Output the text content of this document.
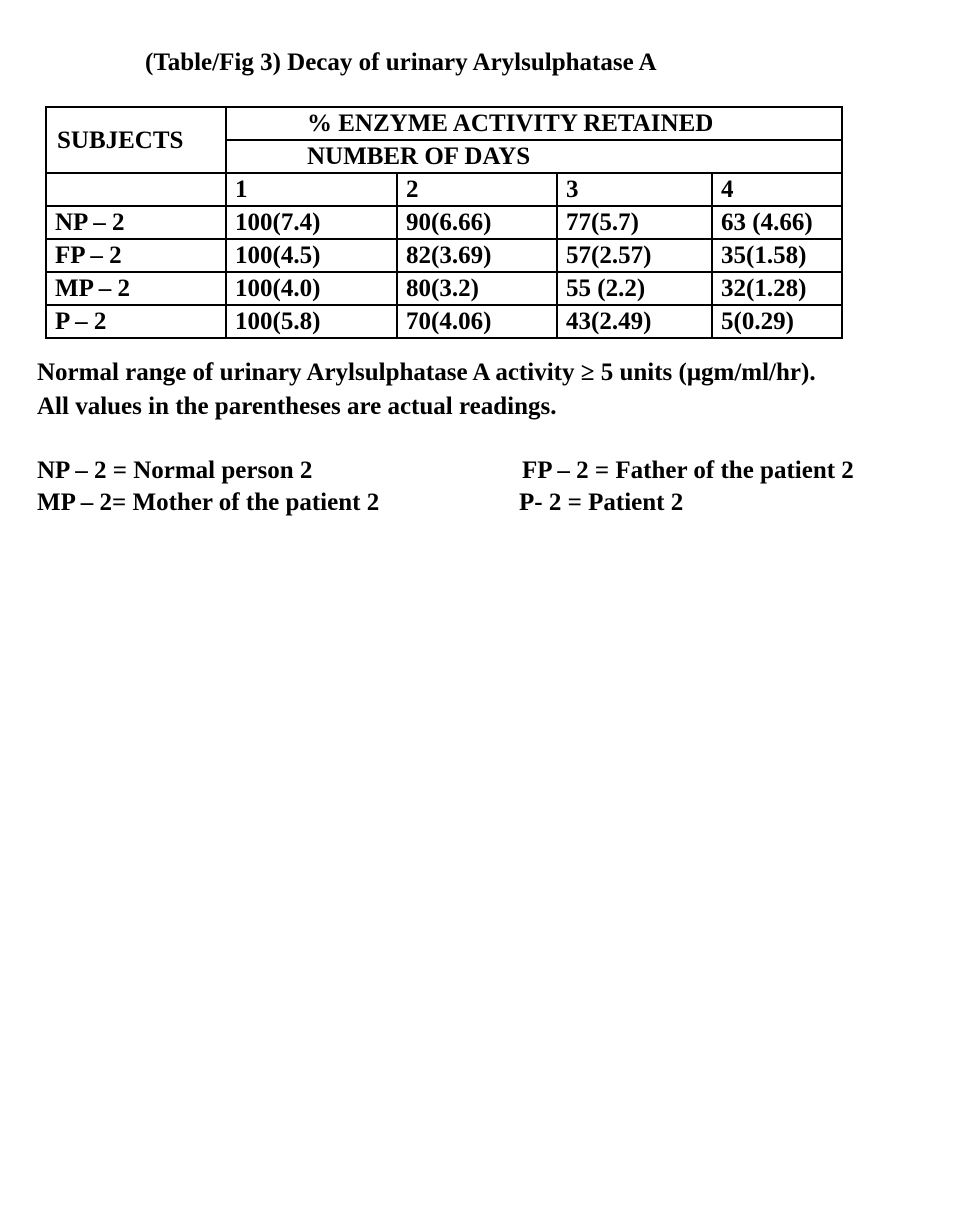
(Table/Fig 3) Decay of urinary Arylsulphatase A
SUBJECTS	% ENZYME ACTIVITY RETAINED			
	NUMBER OF DAYS			
	1	2	3	4
NP – 2	100(7.4)	90(6.66)	77(5.7)	63 (4.66)
FP – 2	100(4.5)	82(3.69)	57(2.57)	35(1.58)
MP – 2	100(4.0)	80(3.2)	55 (2.2)	32(1.28)
P – 2	100(5.8)	70(4.06)	43(2.49)	5(0.29)
Normal range of urinary Arylsulphatase A activity ≥ 5 units (μgm/ml/hr).
All values in the parentheses are actual readings.
NP – 2 = Normal person 2	FP – 2 = Father of the patient 2
MP – 2= Mother of the patient 2	P- 2 = Patient 2
